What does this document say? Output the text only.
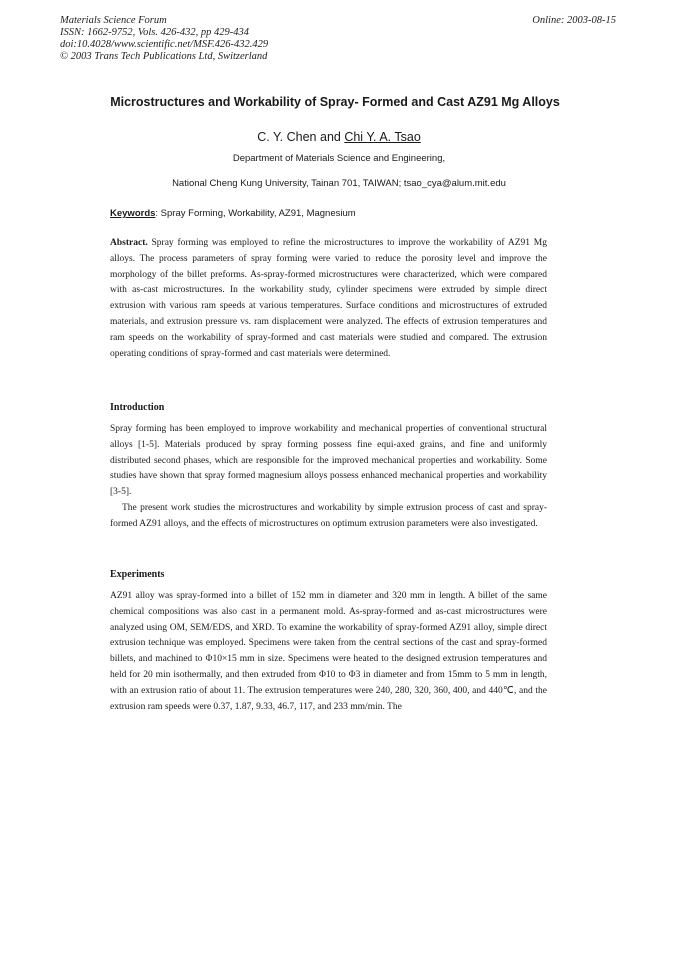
Materials Science Forum
ISSN: 1662-9752, Vols. 426-432, pp 429-434
doi:10.4028/www.scientific.net/MSF.426-432.429
© 2003 Trans Tech Publications Ltd, Switzerland
Online: 2003-08-15
Microstructures and Workability of Spray- Formed and Cast AZ91 Mg Alloys
C. Y. Chen and Chi Y. A. Tsao
Department of Materials Science and Engineering,
National Cheng Kung University, Tainan 701, TAIWAN; tsao_cya@alum.mit.edu
Keywords: Spray Forming, Workability, AZ91, Magnesium

Abstract. Spray forming was employed to refine the microstructures to improve the workability of AZ91 Mg alloys. The process parameters of spray forming were varied to reduce the porosity level and improve the morphology of the billet preforms. As-spray-formed microstructures were characterized, which were compared with as-cast microstructures. In the workability study, cylinder specimens were extruded by simple direct extrusion with various ram speeds at various temperatures. Surface conditions and microstructures of extruded materials, and extrusion pressure vs. ram displacement were analyzed. The effects of extrusion temperatures and ram speeds on the workability of spray-formed and cast materials were studied and compared. The extrusion operating conditions of spray-formed and cast materials were determined.

Introduction

Spray forming has been employed to improve workability and mechanical properties of conventional structural alloys [1-5]. Materials produced by spray forming possess fine equi-axed grains, and fine and uniformly distributed second phases, which are responsible for the improved mechanical properties and workability. Some studies have shown that spray formed magnesium alloys possess enhanced mechanical properties and workability [3-5].

The present work studies the microstructures and workability by simple extrusion process of cast and spray-formed AZ91 alloys, and the effects of microstructures on optimum extrusion parameters were also investigated.

Experiments

AZ91 alloy was spray-formed into a billet of 152 mm in diameter and 320 mm in length. A billet of the same chemical compositions was also cast in a permanent mold. As-spray-formed and as-cast microstructures were analyzed using OM, SEM/EDS, and XRD. To examine the workability of spray-formed AZ91 alloy, simple direct extrusion technique was employed. Specimens were taken from the central sections of the cast and spray-formed billets, and machined to Φ10×15 mm in size. Specimens were heated to the designed extrusion temperatures and held for 20 min isothermally, and then extruded from Φ10 to Φ3 in diameter and from 15mm to 5 mm in length, with an extrusion ratio of about 11. The extrusion temperatures were 240, 280, 320, 360, 400, and 440℃, and the extrusion ram speeds were 0.37, 1.87, 9.33, 46.7, 117, and 233 mm/min. The
